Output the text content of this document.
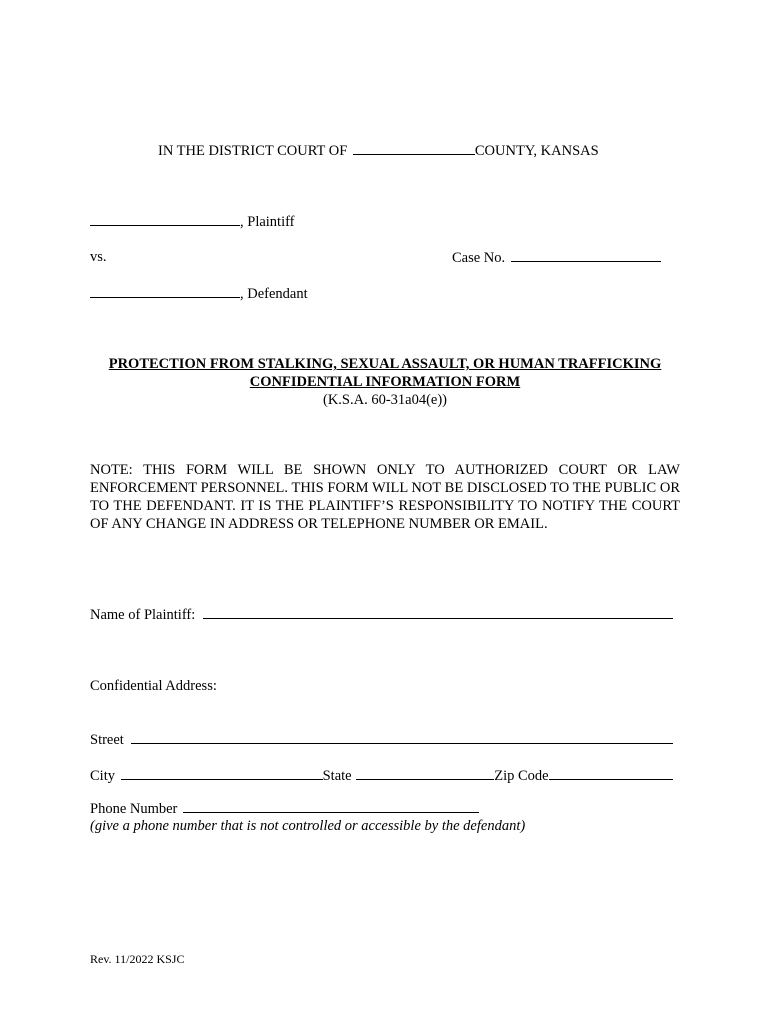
IN THE DISTRICT COURT OF	COUNTY, KANSAS
, Plaintiff
vs.	Case No.
, Defendant
PROTECTION FROM STALKING, SEXUAL ASSAULT, OR HUMAN TRAFFICKING
CONFIDENTIAL INFORMATION FORM
(K.S.A. 60-31a04(e))
NOTE: THIS FORM WILL BE SHOWN ONLY TO AUTHORIZED COURT OR LAW ENFORCEMENT PERSONNEL. THIS FORM WILL NOT BE DISCLOSED TO THE PUBLIC OR TO THE DEFENDANT. IT IS THE PLAINTIFF’S RESPONSIBILITY TO NOTIFY THE COURT OF ANY CHANGE IN ADDRESS OR TELEPHONE NUMBER OR EMAIL.
Name of Plaintiff:
Confidential Address:
Street
City	State	Zip Code
Phone Number
(give a phone number that is not controlled or accessible by the defendant)
Rev. 11/2022 KSJC
